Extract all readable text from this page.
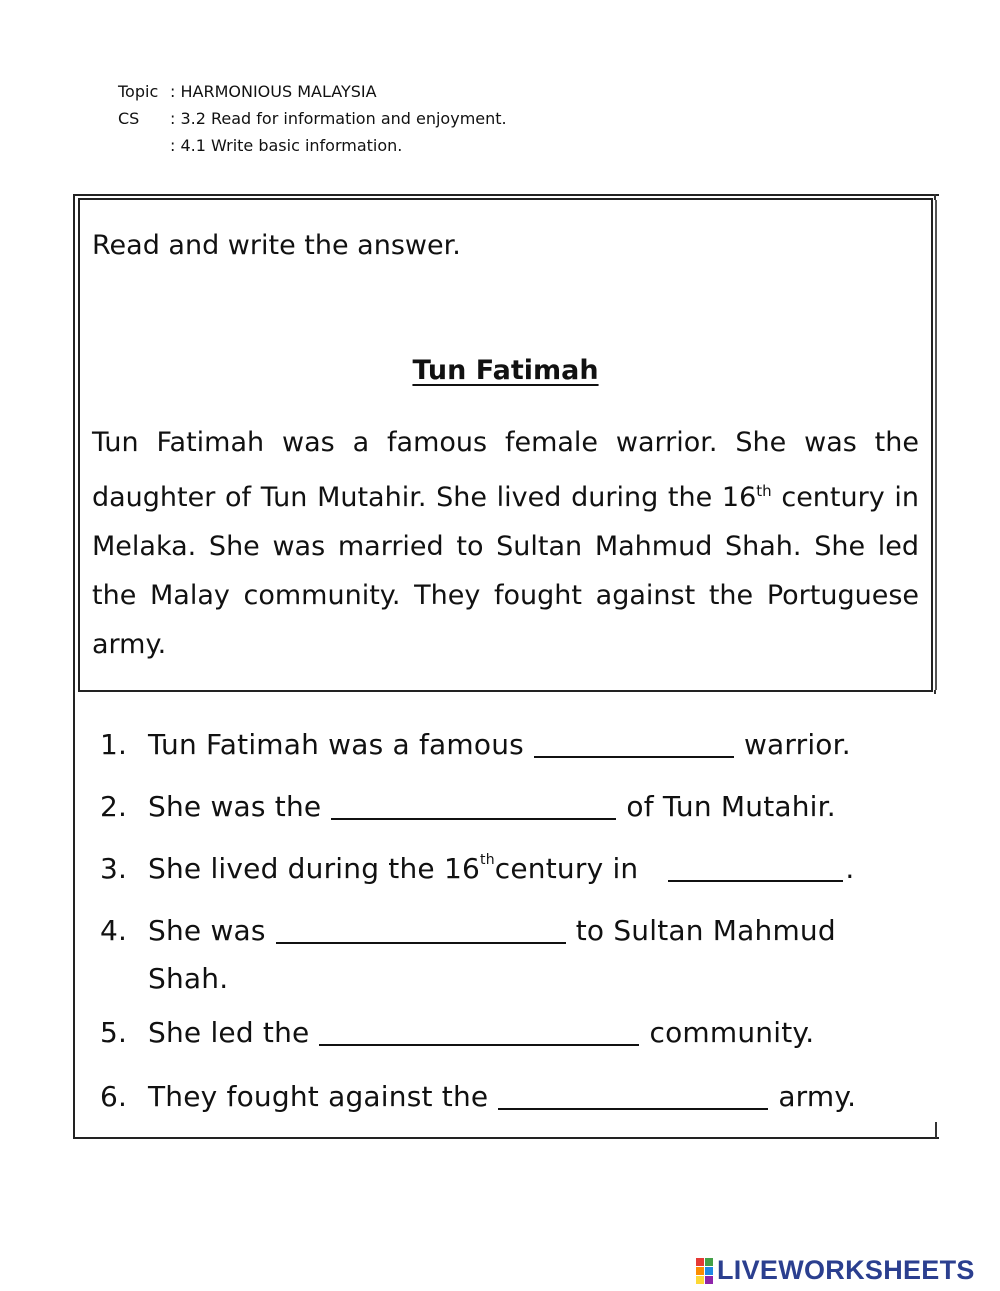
Topic : HARMONIOUS MALAYSIA
CS	: 3.2 Read for information and enjoyment.
: 4.1 Write basic information.
Read and write the answer.
Tun Fatimah
Tun Fatimah was a famous female warrior. She was the daughter of Tun Mutahir. She lived during the 16th century in Melaka. She was married to Sultan Mahmud Shah. She led the Malay community. They fought against the Portuguese army.
1. Tun Fatimah was a famous	warrior.
2. She was the	of Tun Mutahir.
3. She lived during the 16 th century in	.
4. She was	to Sultan Mahmud
Shah.
5. She led the	community.
6. They fought against the	army.
LIVEWORKSHEETS
